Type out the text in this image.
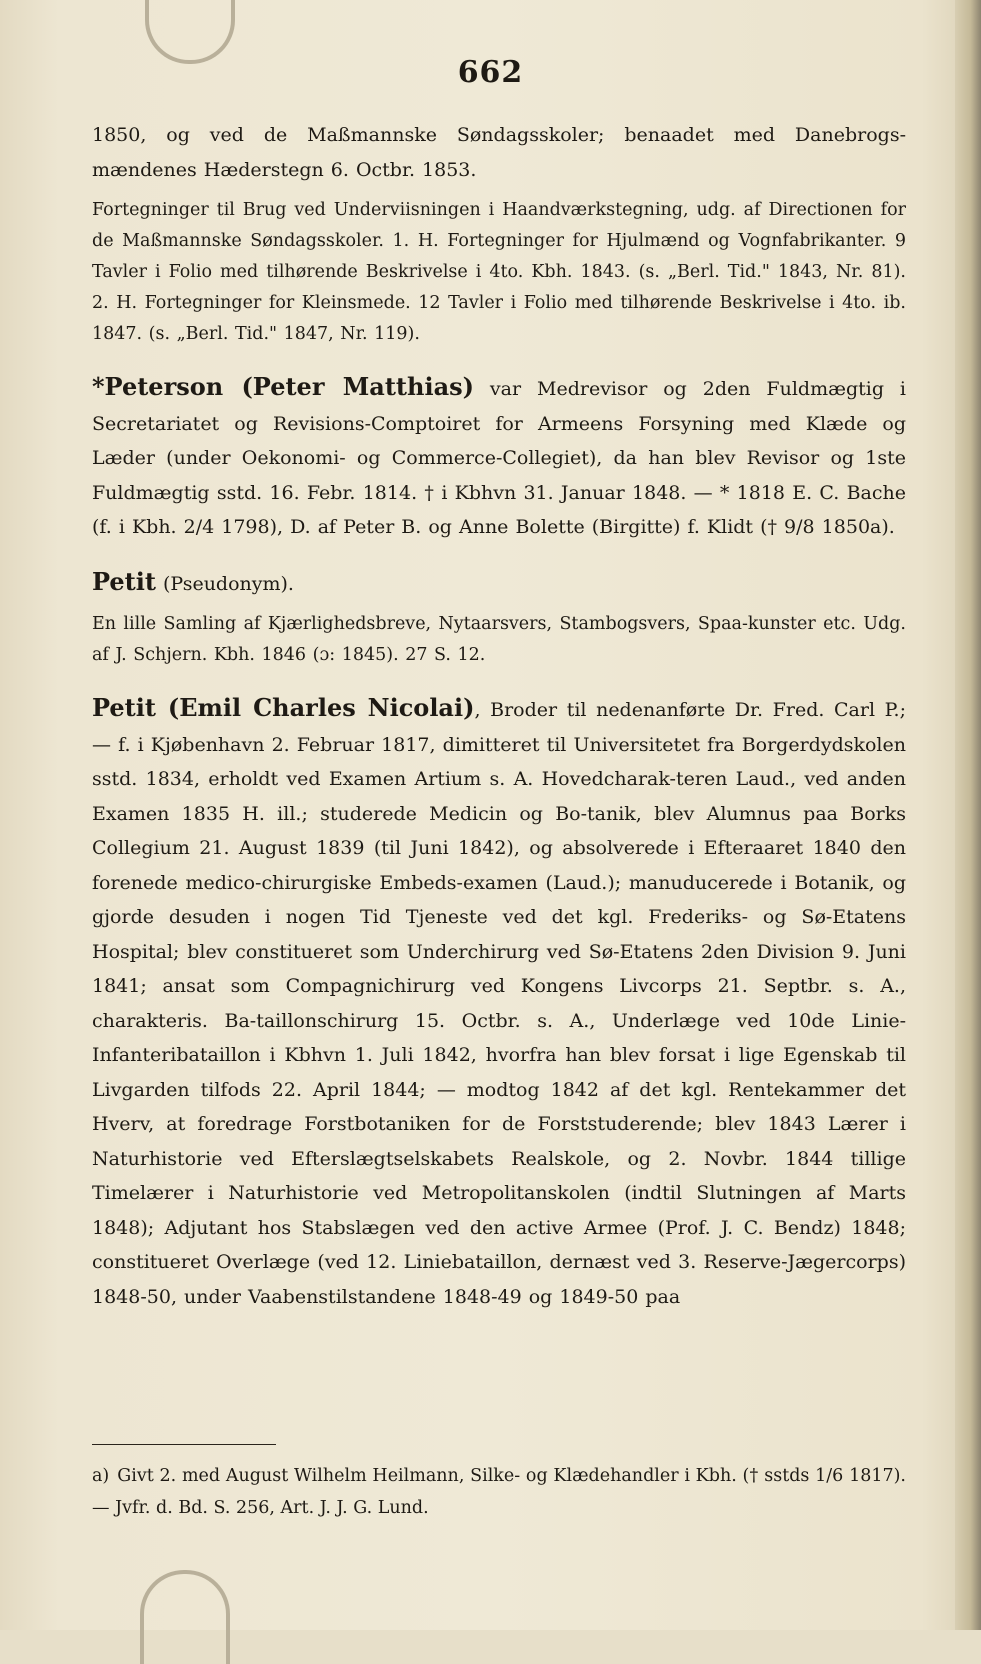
662

1850, og ved de Maßmannske Søndagsskoler; benaadet med Danebrogs-mændenes Hæderstegn 6. Octbr. 1853.

Fortegninger til Brug ved Underviisningen i Haandværkstegning, udg. af Directionen for de Maßmannske Søndagsskoler. 1. H. Fortegninger for Hjulmænd og Vognfabrikanter. 9 Tavler i Folio med tilhørende Beskrivelse i 4to. Kbh. 1843. (s. „Berl. Tid." 1843, Nr. 81). 2. H. Fortegninger for Kleinsmede. 12 Tavler i Folio med tilhørende Beskrivelse i 4to. ib. 1847. (s. „Berl. Tid." 1847, Nr. 119).

*Peterson (Peter Matthias) var Medrevisor og 2den Fuldmægtig i Secretariatet og Revisions-Comptoiret for Armeens Forsyning med Klæde og Læder (under Oekonomi- og Commerce-Collegiet), da han blev Revisor og 1ste Fuldmægtig sstd. 16. Febr. 1814. † i Kbhvn 31. Januar 1848. — * 1818 E. C. Bache (f. i Kbh. 2/4 1798), D. af Peter B. og Anne Bolette (Birgitte) f. Klidt († 9/8 1850a).

Petit (Pseudonym).

En lille Samling af Kjærlighedsbreve, Nytaarsvers, Stambogsvers, Spaa-kunster etc. Udg. af J. Schjern. Kbh. 1846 (ɔ: 1845). 27 S. 12.

Petit (Emil Charles Nicolai), Broder til nedenanførte Dr. Fred. Carl P.; — f. i Kjøbenhavn 2. Februar 1817, dimitteret til Universitetet fra Borgerdydskolen sstd. 1834, erholdt ved Examen Artium s. A. Hovedcharak-teren Laud., ved anden Examen 1835 H. ill.; studerede Medicin og Bo-tanik, blev Alumnus paa Borks Collegium 21. August 1839 (til Juni 1842), og absolverede i Efteraaret 1840 den forenede medico-chirurgiske Embeds-examen (Laud.); manuducerede i Botanik, og gjorde desuden i nogen Tid Tjeneste ved det kgl. Frederiks- og Sø-Etatens Hospital; blev constitueret som Underchirurg ved Sø-Etatens 2den Division 9. Juni 1841; ansat som Compagnichirurg ved Kongens Livcorps 21. Septbr. s. A., charakteris. Ba-taillonschirurg 15. Octbr. s. A., Underlæge ved 10de Linie-Infanteribataillon i Kbhvn 1. Juli 1842, hvorfra han blev forsat i lige Egenskab til Livgarden tilfods 22. April 1844; — modtog 1842 af det kgl. Rentekammer det Hverv, at foredrage Forstbotaniken for de Forststuderende; blev 1843 Lærer i Naturhistorie ved Efterslægtselskabets Realskole, og 2. Novbr. 1844 tillige Timelærer i Naturhistorie ved Metropolitanskolen (indtil Slutningen af Marts 1848); Adjutant hos Stabslægen ved den active Armee (Prof. J. C. Bendz) 1848; constitueret Overlæge (ved 12. Liniebataillon, dernæst ved 3. Reserve-Jægercorps) 1848-50, under Vaabenstilstandene 1848-49 og 1849-50 paa

a) Givt 2. med August Wilhelm Heilmann, Silke- og Klædehandler i Kbh. († sstds 1/6 1817). — Jvfr. d. Bd. S. 256, Art. J. J. G. Lund.
